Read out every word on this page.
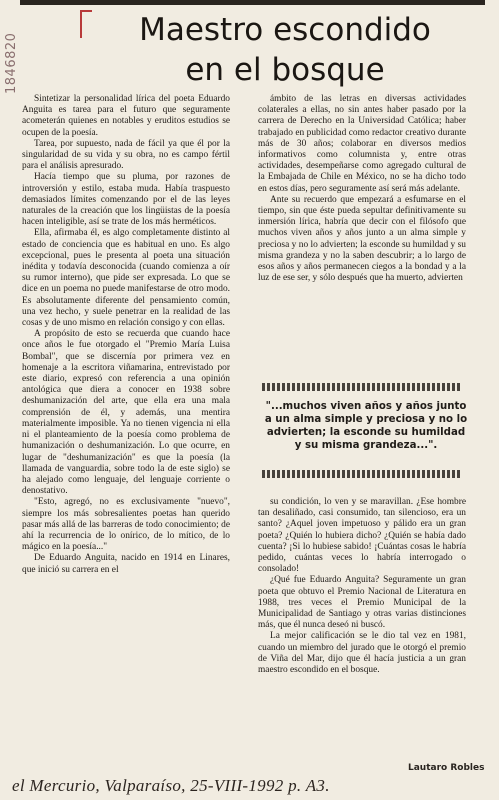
1846820
Maestro escondido
en el bosque

Sintetizar la personalidad lírica del poeta Eduardo Anguita es tarea para el futuro que seguramente acometerán quienes en notables y eruditos estudios se ocupen de la poesía.

Tarea, por supuesto, nada de fácil ya que él por la singularidad de su vida y su obra, no es campo fértil para el análisis apresurado.

Hacía tiempo que su pluma, por razones de introversión y estilo, estaba muda. Había traspuesto demasiados límites comenzando por el de las leyes naturales de la creación que los lingüistas de la poesía hacen inteligible, así se trate de los más herméticos.

Ella, afirmaba él, es algo completamente distinto al estado de conciencia que es habitual en uno. Es algo excepcional, pues le presenta al poeta una situación inédita y todavía desconocida (cuando comienza a oír su rumor interno), que pide ser expresada. Lo que se dice en un poema no puede manifestarse de otro modo. Es absolutamente diferente del pensamiento común, una vez hecho, y suele penetrar en la realidad de las cosas y de uno mismo en relación consigo y con ellas.

A propósito de esto se recuerda que cuando hace once años le fue otorgado el "Premio María Luisa Bombal", que se discernía por primera vez en homenaje a la escritora viñamarina, entrevistado por este diario, expresó con referencia a una opinión antológica que diera a conocer en 1938 sobre deshumanización del arte, que ella era una mala comprensión de él, y además, una mentira materialmente imposible. Ya no tienen vigencia ni ella ni el planteamiento de la poesía como problema de humanización o deshumanización. Lo que ocurre, en lugar de "deshumanización" es que la poesía (la llamada de vanguardia, sobre todo la de este siglo) se ha alejado como lenguaje, del lenguaje corriente o denostativo.

"Esto, agregó, no es exclusivamente "nuevo", siempre los más sobresalientes poetas han querido pasar más allá de las barreras de todo conocimiento; de ahí la recurrencia de lo onírico, de lo mítico, de lo mágico en la poesía..."

De Eduardo Anguita, nacido en 1914 en Linares, que inició su carrera en el

ámbito de las letras en diversas actividades colaterales a ellas, no sin antes haber pasado por la carrera de Derecho en la Universidad Católica; haber trabajado en publicidad como redactor creativo durante más de 30 años; colaborar en diversos medios informativos como columnista y, entre otras actividades, desempeñarse como agregado cultural de la Embajada de Chile en México, no se ha dicho todo en estos días, pero seguramente así será más adelante.

Ante su recuerdo que empezará a esfumarse en el tiempo, sin que éste pueda sepultar definitivamente su inmersión lírica, habría que decir con el filósofo que muchos viven años y años junto a un alma simple y preciosa y no lo advierten; la esconde su humildad y su misma grandeza y no la saben descubrir; a lo largo de esos años y años permanecen ciegos a la bondad y a la luz de ese ser, y sólo después que ha muerto, advierten

"...muchos viven años y años junto a un alma simple y preciosa y no lo advierten; la esconde su humildad y su misma grandeza...".

su condición, lo ven y se maravillan. ¿Ese hombre tan desaliñado, casi consumido, tan silencioso, era un santo? ¿Aquel joven impetuoso y pálido era un gran poeta? ¿Quién lo hubiera dicho? ¿Quién se había dado cuenta? ¡Si lo hubiese sabido! ¡Cuántas cosas le habría pedido, cuántas veces lo habría interrogado o consolado!

¿Qué fue Eduardo Anguita? Seguramente un gran poeta que obtuvo el Premio Nacional de Literatura en 1988, tres veces el Premio Municipal de la Municipalidad de Santiago y otras varias distinciones más, que él nunca deseó ni buscó.

La mejor calificación se le dio tal vez en 1981, cuando un miembro del jurado que le otorgó el premio de Viña del Mar, dijo que él hacía justicia a un gran maestro escondido en el bosque.

Lautaro Robles
el Mercurio, Valparaíso, 25-VIII-1992 p. A3.
